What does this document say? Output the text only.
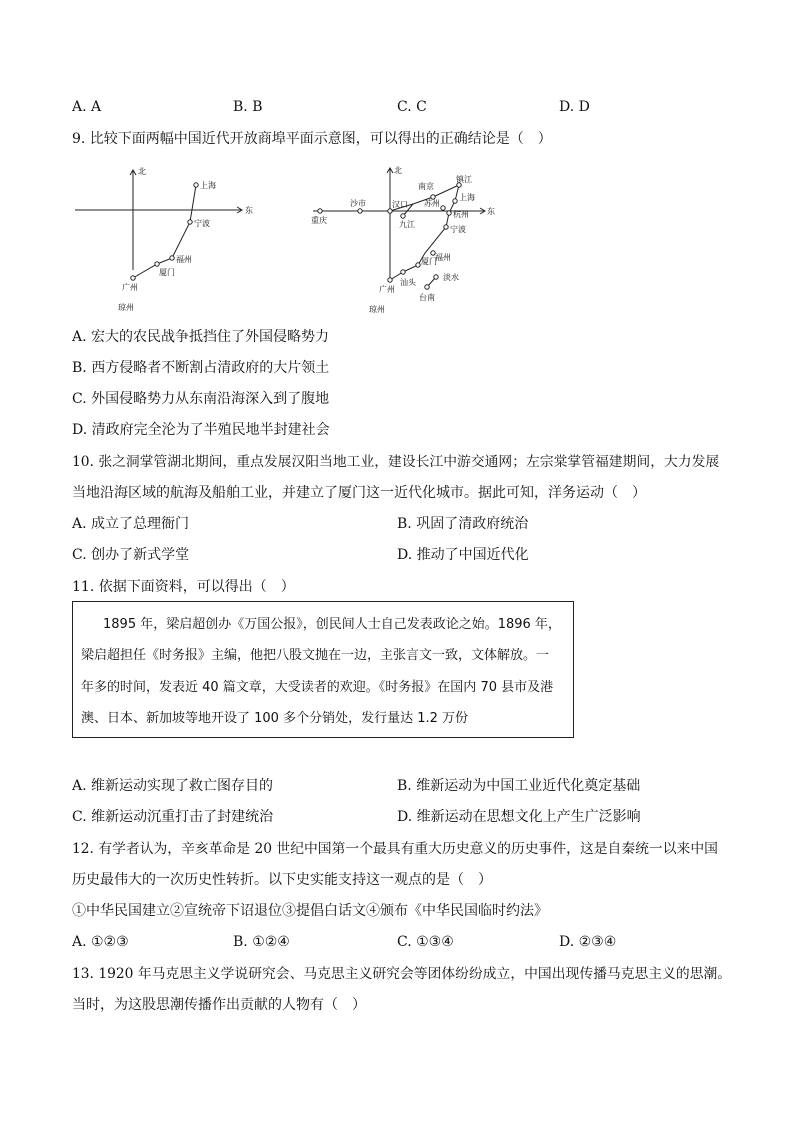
A. A	B. B	C. C	D. D
9. 比较下面两幅中国近代开放商埠平面示意图，可以得出的正确结论是（　）
北
东
上海
宁波
福州
厦门
广州
琼州
北
东
重庆
沙市	汉口
南京
镇江
上海
苏州
九江
杭州
宁波
福州
厦门
淡水
汕头
广州
台南
琼州
A. 宏大的农民战争抵挡住了外国侵略势力
B. 西方侵略者不断割占清政府的大片领土
C. 外国侵略势力从东南沿海深入到了腹地
D. 清政府完全沦为了半殖民地半封建社会
10. 张之洞掌管湖北期间，重点发展汉阳当地工业，建设长江中游交通网；左宗棠掌管福建期间，大力发展
当地沿海区域的航海及船舶工业，并建立了厦门这一近代化城市。据此可知，洋务运动（　）
A. 成立了总理衙门	B. 巩固了清政府统治
C. 创办了新式学堂	D. 推动了中国近代化
11. 依据下面资料，可以得出（　）

1895 年，梁启超创办《万国公报》，创民间人士自己发表政论之始。1896 年，

梁启超担任《时务报》主编，他把八股文抛在一边，主张言文一致，文体解放。一

年多的时间，发表近 40 篇文章，大受读者的欢迎。《时务报》在国内 70 县市及港

澳、日本、新加坡等地开设了 100 多个分销处，发行量达 1.2 万份

A. 维新运动实现了救亡图存目的	B. 维新运动为中国工业近代化奠定基础
C. 维新运动沉重打击了封建统治	D. 维新运动在思想文化上产生广泛影响
12. 有学者认为，辛亥革命是 20 世纪中国第一个最具有重大历史意义的历史事件，这是自秦统一以来中国
历史最伟大的一次历史性转折。以下史实能支持这一观点的是（　）
①中华民国建立②宣统帝下诏退位③提倡白话文④颁布《中华民国临时约法》
A. ①②③	B. ①②④	C. ①③④	D. ②③④
13. 1920 年马克思主义学说研究会、马克思主义研究会等团体纷纷成立，中国出现传播马克思主义的思潮。
当时，为这股思潮传播作出贡献的人物有（　）
